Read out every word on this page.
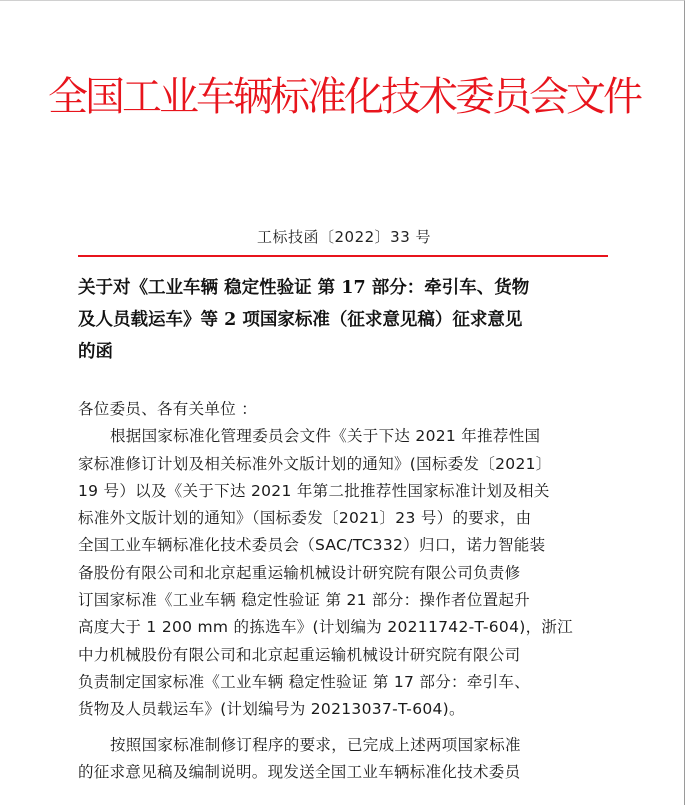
全国工业车辆标准化技术委员会文件
工标技函〔2022〕33 号
关于对《工业车辆 稳定性验证 第 17 部分：牵引车、货物
及人员载运车》等 2 项国家标准（征求意见稿）征求意见
的函
各位委员、各有关单位 ：
根据国家标准化管理委员会文件《关于下达 2021 年推荐性国
家标准修订计划及相关标准外文版计划的通知》(国标委发〔2021〕
19 号）以及《关于下达 2021 年第二批推荐性国家标准计划及相关
标准外文版计划的通知》（国标委发〔2021〕23 号）的要求，由
全国工业车辆标准化技术委员会（SAC/TC332）归口，诺力智能装
备股份有限公司和北京起重运输机械设计研究院有限公司负责修
订国家标准《工业车辆 稳定性验证 第 21 部分：操作者位置起升
高度大于 1 200 mm 的拣选车》(计划编为 20211742-T-604)，浙江
中力机械股份有限公司和北京起重运输机械设计研究院有限公司
负责制定国家标准《工业车辆 稳定性验证 第 17 部分：牵引车、
货物及人员载运车》(计划编号为 20213037-T-604)。
按照国家标准制修订程序的要求，已完成上述两项国家标准
的征求意见稿及编制说明。现发送全国工业车辆标准化技术委员
